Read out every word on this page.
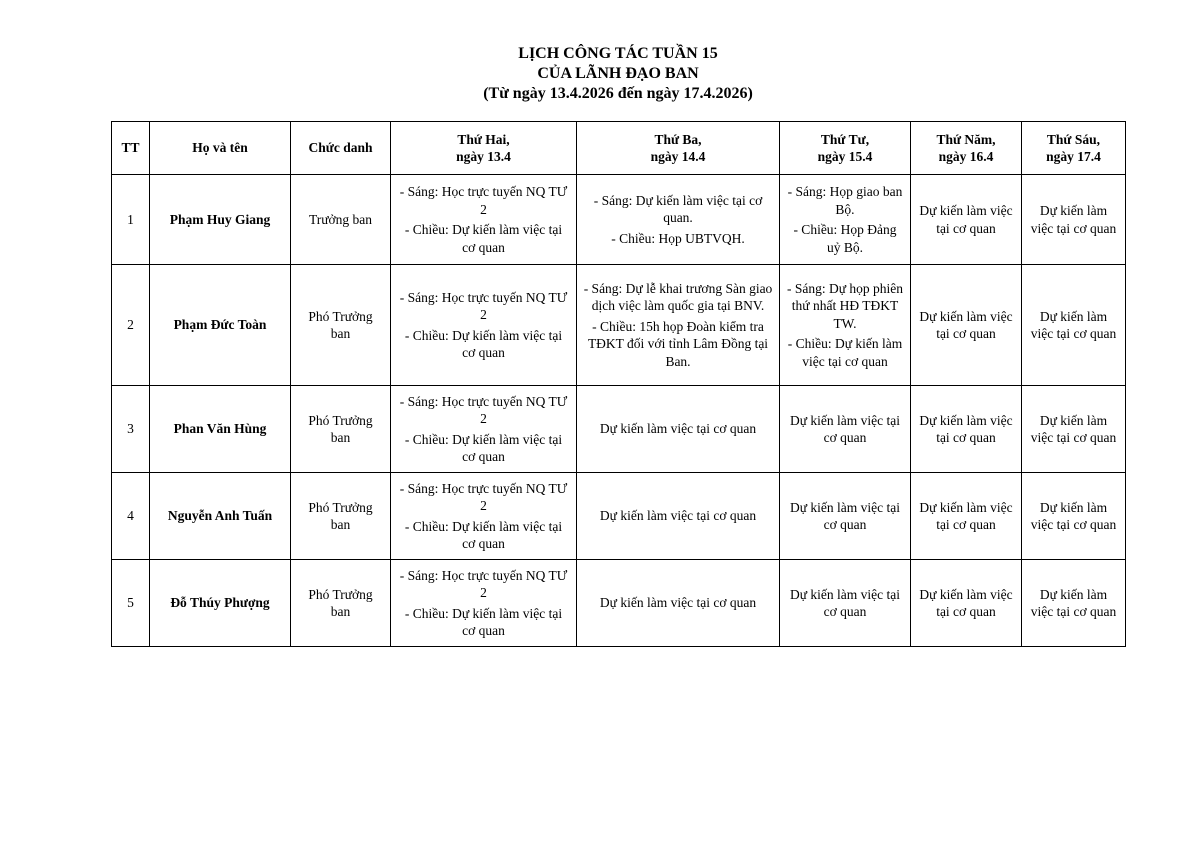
LỊCH CÔNG TÁC TUẦN 15
CỦA LÃNH ĐẠO BAN
(Từ ngày 13.4.2026 đến ngày 17.4.2026)
TT	Họ và tên	Chức danh	Thứ Hai,
ngày 13.4	Thứ Ba,
ngày 14.4	Thứ Tư,
ngày 15.4	Thứ Năm,
ngày 16.4	Thứ Sáu,
ngày 17.4

1	Phạm Huy Giang	Trưởng ban	- Sáng: Học trực tuyến NQ TƯ 2
- Chiều: Dự kiến làm việc tại cơ quan	- Sáng: Dự kiến làm việc tại cơ quan.
- Chiều: Họp UBTVQH.	- Sáng: Họp giao ban Bộ.
- Chiều: Họp Đảng uỷ Bộ.	Dự kiến làm việc tại cơ quan	Dự kiến làm việc tại cơ quan
2	Phạm Đức Toàn	Phó Trưởng ban	- Sáng: Học trực tuyến NQ TƯ 2
- Chiều: Dự kiến làm việc tại cơ quan	- Sáng: Dự lễ khai trương Sàn giao dịch việc làm quốc gia tại BNV.
- Chiều: 15h họp Đoàn kiểm tra TĐKT đối với tỉnh Lâm Đồng tại Ban.	- Sáng: Dự họp phiên thứ nhất HĐ TĐKT TW.
- Chiều: Dự kiến làm việc tại cơ quan	Dự kiến làm việc tại cơ quan	Dự kiến làm việc tại cơ quan
3	Phan Văn Hùng	Phó Trưởng ban	- Sáng: Học trực tuyến NQ TƯ 2
- Chiều: Dự kiến làm việc tại cơ quan	Dự kiến làm việc tại cơ quan	Dự kiến làm việc tại cơ quan	Dự kiến làm việc tại cơ quan	Dự kiến làm việc tại cơ quan
4	Nguyễn Anh Tuấn	Phó Trưởng ban	- Sáng: Học trực tuyến NQ TƯ 2
- Chiều: Dự kiến làm việc tại cơ quan	Dự kiến làm việc tại cơ quan	Dự kiến làm việc tại cơ quan	Dự kiến làm việc tại cơ quan	Dự kiến làm việc tại cơ quan
5	Đỗ Thúy Phượng	Phó Trưởng ban	- Sáng: Học trực tuyến NQ TƯ 2
- Chiều: Dự kiến làm việc tại cơ quan	Dự kiến làm việc tại cơ quan	Dự kiến làm việc tại cơ quan	Dự kiến làm việc tại cơ quan	Dự kiến làm việc tại cơ quan
